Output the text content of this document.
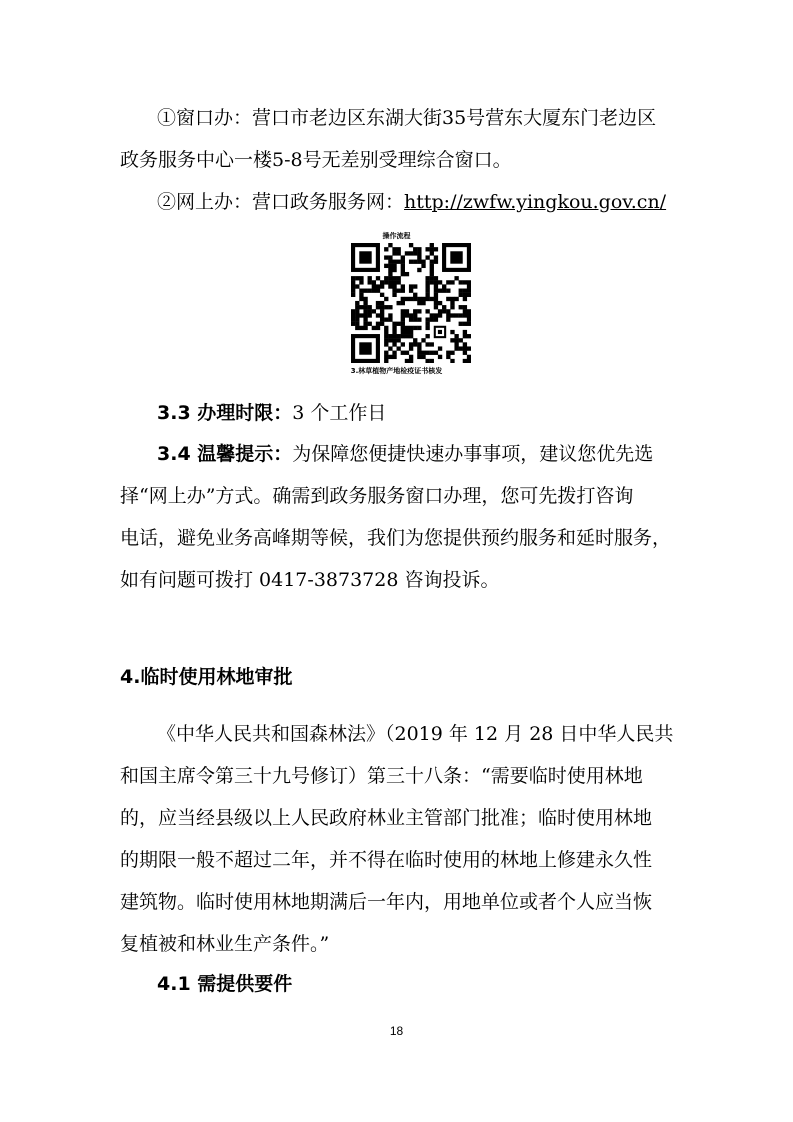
①窗口办：营口市老边区东湖大街35号营东大厦东门老边区
政务服务中心一楼5-8号无差别受理综合窗口。
②网上办：营口政务服务网：http://zwfw.yingkou.gov.cn/
操作流程
3.林草植物产地检疫证书核发
3.3 办理时限：3 个工作日
3.4 温馨提示：为保障您便捷快速办事事项，建议您优先选
择“网上办”方式。确需到政务服务窗口办理，您可先拨打咨询
电话，避免业务高峰期等候，我们为您提供预约服务和延时服务，
如有问题可拨打 0417-3873728 咨询投诉。
4.临时使用林地审批
《中华人民共和国森林法》（2019 年 12 月 28 日中华人民共
和国主席令第三十九号修订）第三十八条：“需要临时使用林地
的，应当经县级以上人民政府林业主管部门批准；临时使用林地
的期限一般不超过二年，并不得在临时使用的林地上修建永久性
建筑物。临时使用林地期满后一年内，用地单位或者个人应当恢
复植被和林业生产条件。”
4.1 需提供要件
18
